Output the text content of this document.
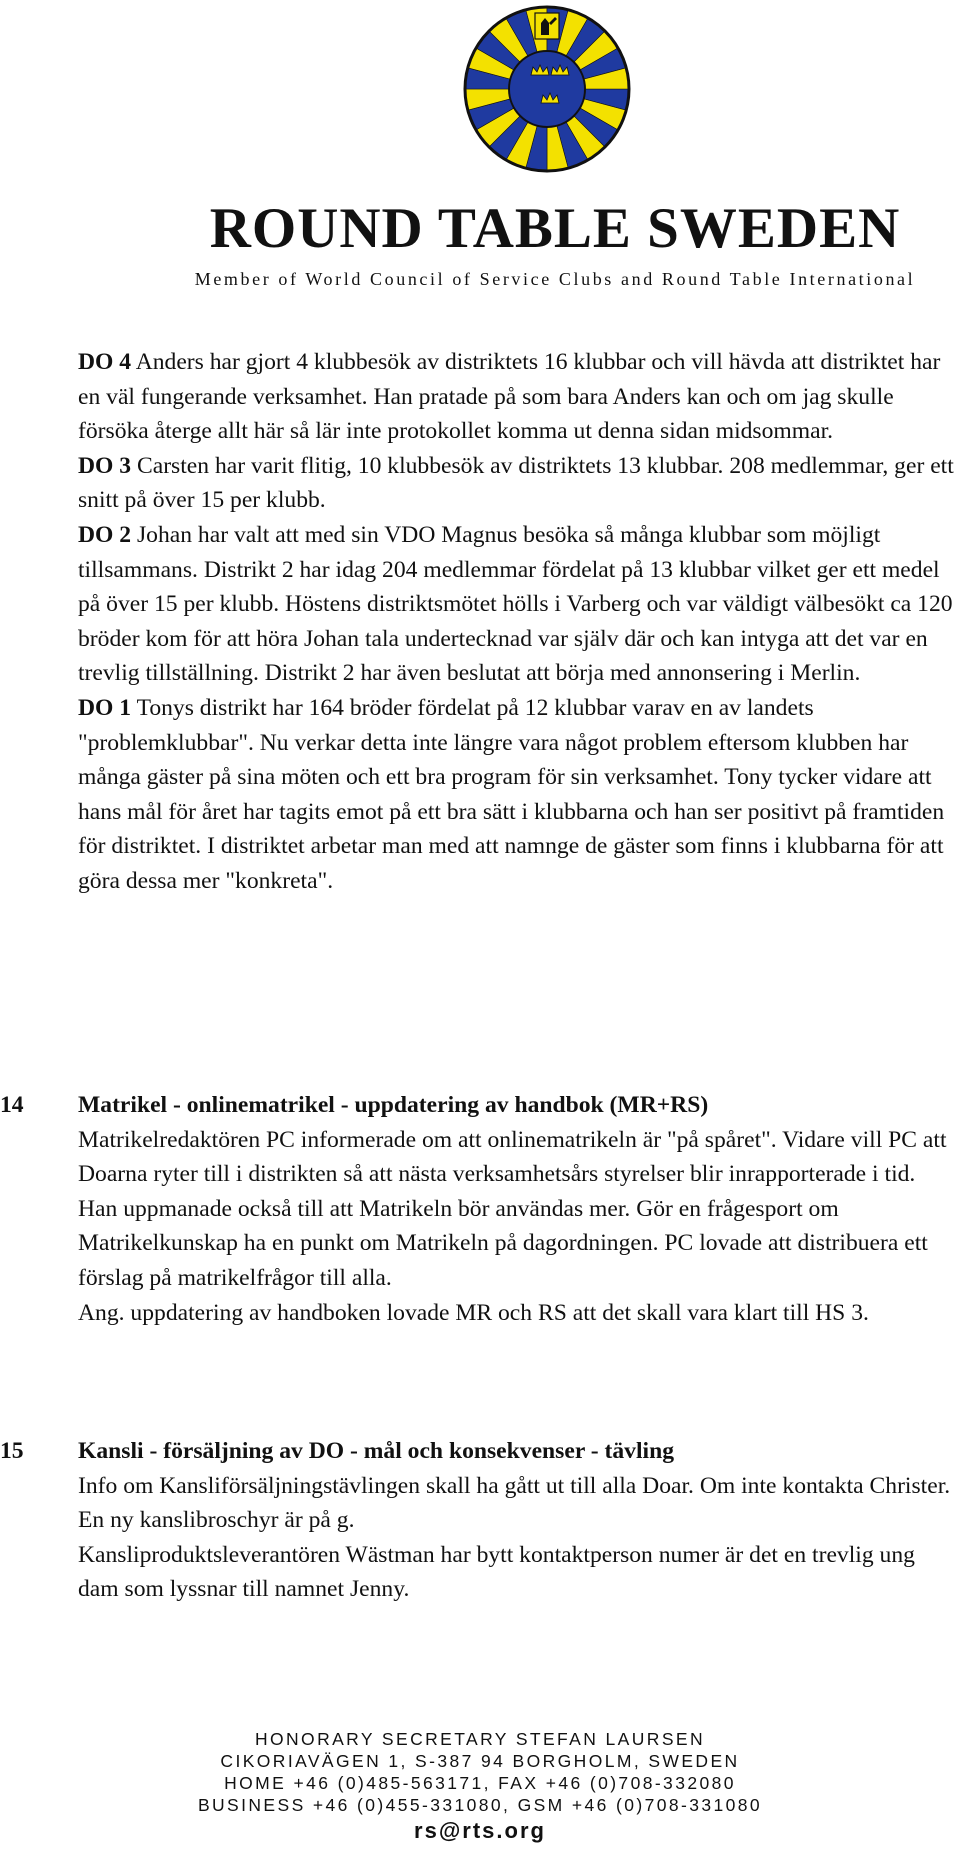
ROUND TABLE SWEDEN
Member of World Council of Service Clubs and Round Table International

DO 4 Anders har gjort 4 klubbesök av distriktets 16 klubbar och vill hävda att distriktet har en väl fungerande verksamhet. Han pratade på som bara Anders kan och om jag skulle försöka återge allt här så lär inte protokollet komma ut denna sidan midsommar.

DO 3 Carsten har varit flitig, 10 klubbesök av distriktets 13 klubbar. 208 medlemmar, ger ett snitt på över 15 per klubb.

DO 2 Johan har valt att med sin VDO Magnus besöka så många klubbar som möjligt tillsammans. Distrikt 2 har idag 204 medlemmar fördelat på 13 klubbar vilket ger ett medel på över 15 per klubb. Höstens distriktsmötet hölls i Varberg och var väldigt välbesökt ca 120 bröder kom för att höra Johan tala undertecknad var själv där och kan intyga att det var en trevlig tillställning. Distrikt 2 har även beslutat att börja med annonsering i Merlin.

DO 1 Tonys distrikt har 164 bröder fördelat på 12 klubbar varav en av landets "problemklubbar". Nu verkar detta inte längre vara något problem eftersom klubben har många gäster på sina möten och ett bra program för sin verksamhet. Tony tycker vidare att hans mål för året har tagits emot på ett bra sätt i klubbarna och han ser positivt på framtiden för distriktet. I distriktet arbetar man med att namnge de gäster som finns i klubbarna för att göra dessa mer "konkreta".

14 Matrikel - onlinematrikel - uppdatering av handbok (MR+RS)

Matrikelredaktören PC informerade om att onlinematrikeln är "på spåret". Vidare vill PC att Doarna ryter till i distrikten så att nästa verksamhetsårs styrelser blir inrapporterade i tid. Han uppmanade också till att Matrikeln bör användas mer. Gör en frågesport om Matrikelkunskap ha en punkt om Matrikeln på dagordningen. PC lovade att distribuera ett förslag på matrikelfrågor till alla.

Ang. uppdatering av handboken lovade MR och RS att det skall vara klart till HS 3.

15 Kansli - försäljning av DO - mål och konsekvenser - tävling

Info om Kansliförsäljningstävlingen skall ha gått ut till alla Doar. Om inte kontakta Christer.

En ny kanslibroschyr är på g.

Kansliproduktsleverantören Wästman har bytt kontaktperson numer är det en trevlig ung dam som lyssnar till namnet Jenny.

HONORARY SECRETARY STEFAN LAURSEN
CIKORIAVÄGEN 1, S-387 94 BORGHOLM, SWEDEN
HOME +46 (0)485-563171, FAX +46 (0)708-332080
BUSINESS +46 (0)455-331080, GSM +46 (0)708-331080
rs@rts.org
